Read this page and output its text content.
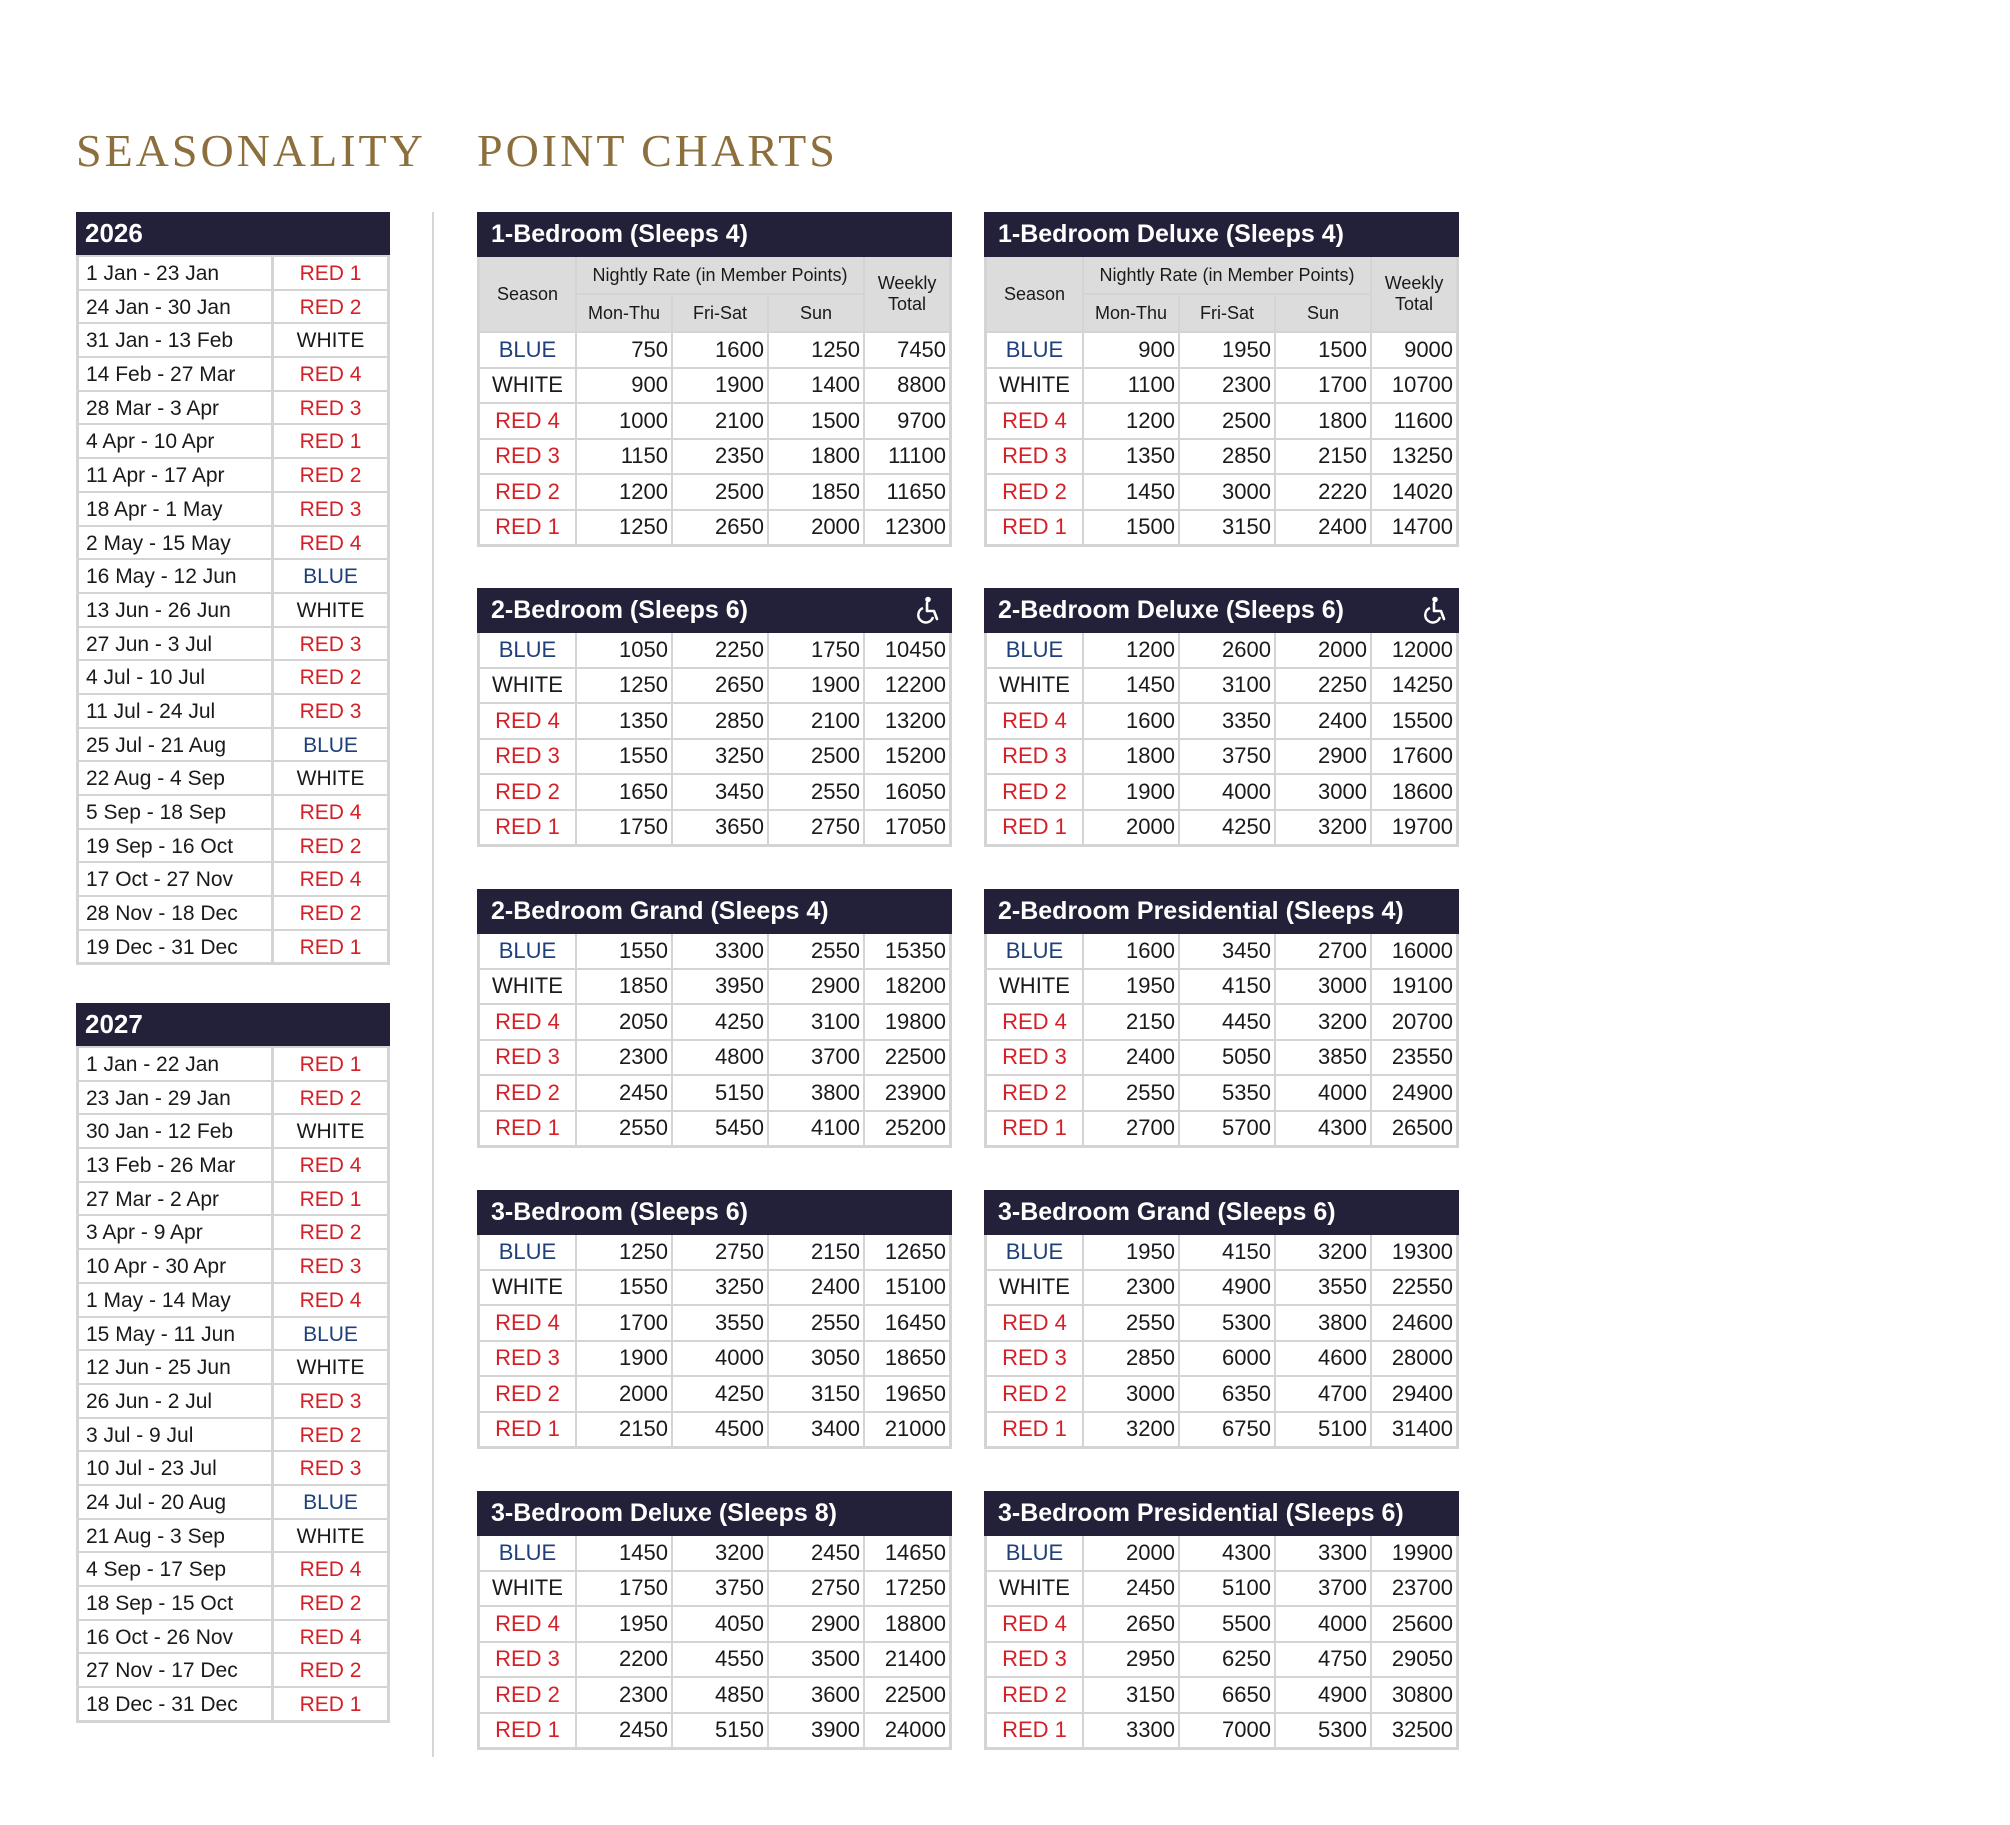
SEASONALITY POINT CHARTS
2026
1 Jan - 23 Jan	RED 1
24 Jan - 30 Jan	RED 2
31 Jan - 13 Feb	WHITE
14 Feb - 27 Mar	RED 4
28 Mar - 3 Apr	RED 3
4 Apr - 10 Apr	RED 1
11 Apr - 17 Apr	RED 2
18 Apr - 1 May	RED 3
2 May - 15 May	RED 4
16 May - 12 Jun	BLUE
13 Jun - 26 Jun	WHITE
27 Jun - 3 Jul	RED 3
4 Jul - 10 Jul	RED 2
11 Jul - 24 Jul	RED 3
25 Jul - 21 Aug	BLUE
22 Aug - 4 Sep	WHITE
5 Sep - 18 Sep	RED 4
19 Sep - 16 Oct	RED 2
17 Oct - 27 Nov	RED 4
28 Nov - 18 Dec	RED 2
19 Dec - 31 Dec	RED 1
2027
1 Jan - 22 Jan	RED 1
23 Jan - 29 Jan	RED 2
30 Jan - 12 Feb	WHITE
13 Feb - 26 Mar	RED 4
27 Mar - 2 Apr	RED 1
3 Apr - 9 Apr	RED 2
10 Apr - 30 Apr	RED 3
1 May - 14 May	RED 4
15 May - 11 Jun	BLUE
12 Jun - 25 Jun	WHITE
26 Jun - 2 Jul	RED 3
3 Jul - 9 Jul	RED 2
10 Jul - 23 Jul	RED 3
24 Jul - 20 Aug	BLUE
21 Aug - 3 Sep	WHITE
4 Sep - 17 Sep	RED 4
18 Sep - 15 Oct	RED 2
16 Oct - 26 Nov	RED 4
27 Nov - 17 Dec	RED 2
18 Dec - 31 Dec	RED 1
1-Bedroom (Sleeps 4)
Season	Nightly Rate (in Member Points)			Weekly Total
	Mon-Thu	Fri-Sat	Sun	
BLUE	750	1600	1250	7450
WHITE	900	1900	1400	8800
RED 4	1000	2100	1500	9700
RED 3	1150	2350	1800	11100
RED 2	1200	2500	1850	11650
RED 1	1250	2650	2000	12300
1-Bedroom Deluxe (Sleeps 4)
Season	Nightly Rate (in Member Points)			Weekly Total
	Mon-Thu	Fri-Sat	Sun	
BLUE	900	1950	1500	9000
WHITE	1100	2300	1700	10700
RED 4	1200	2500	1800	11600
RED 3	1350	2850	2150	13250
RED 2	1450	3000	2220	14020
RED 1	1500	3150	2400	14700
2-Bedroom (Sleeps 6)
BLUE	1050	2250	1750	10450
WHITE	1250	2650	1900	12200
RED 4	1350	2850	2100	13200
RED 3	1550	3250	2500	15200
RED 2	1650	3450	2550	16050
RED 1	1750	3650	2750	17050
2-Bedroom Deluxe (Sleeps 6)
BLUE	1200	2600	2000	12000
WHITE	1450	3100	2250	14250
RED 4	1600	3350	2400	15500
RED 3	1800	3750	2900	17600
RED 2	1900	4000	3000	18600
RED 1	2000	4250	3200	19700
2-Bedroom Grand (Sleeps 4)
BLUE	1550	3300	2550	15350
WHITE	1850	3950	2900	18200
RED 4	2050	4250	3100	19800
RED 3	2300	4800	3700	22500
RED 2	2450	5150	3800	23900
RED 1	2550	5450	4100	25200
2-Bedroom Presidential (Sleeps 4)
BLUE	1600	3450	2700	16000
WHITE	1950	4150	3000	19100
RED 4	2150	4450	3200	20700
RED 3	2400	5050	3850	23550
RED 2	2550	5350	4000	24900
RED 1	2700	5700	4300	26500
3-Bedroom (Sleeps 6)
BLUE	1250	2750	2150	12650
WHITE	1550	3250	2400	15100
RED 4	1700	3550	2550	16450
RED 3	1900	4000	3050	18650
RED 2	2000	4250	3150	19650
RED 1	2150	4500	3400	21000
3-Bedroom Grand (Sleeps 6)
BLUE	1950	4150	3200	19300
WHITE	2300	4900	3550	22550
RED 4	2550	5300	3800	24600
RED 3	2850	6000	4600	28000
RED 2	3000	6350	4700	29400
RED 1	3200	6750	5100	31400
3-Bedroom Deluxe (Sleeps 8)
BLUE	1450	3200	2450	14650
WHITE	1750	3750	2750	17250
RED 4	1950	4050	2900	18800
RED 3	2200	4550	3500	21400
RED 2	2300	4850	3600	22500
RED 1	2450	5150	3900	24000
3-Bedroom Presidential (Sleeps 6)
BLUE	2000	4300	3300	19900
WHITE	2450	5100	3700	23700
RED 4	2650	5500	4000	25600
RED 3	2950	6250	4750	29050
RED 2	3150	6650	4900	30800
RED 1	3300	7000	5300	32500
